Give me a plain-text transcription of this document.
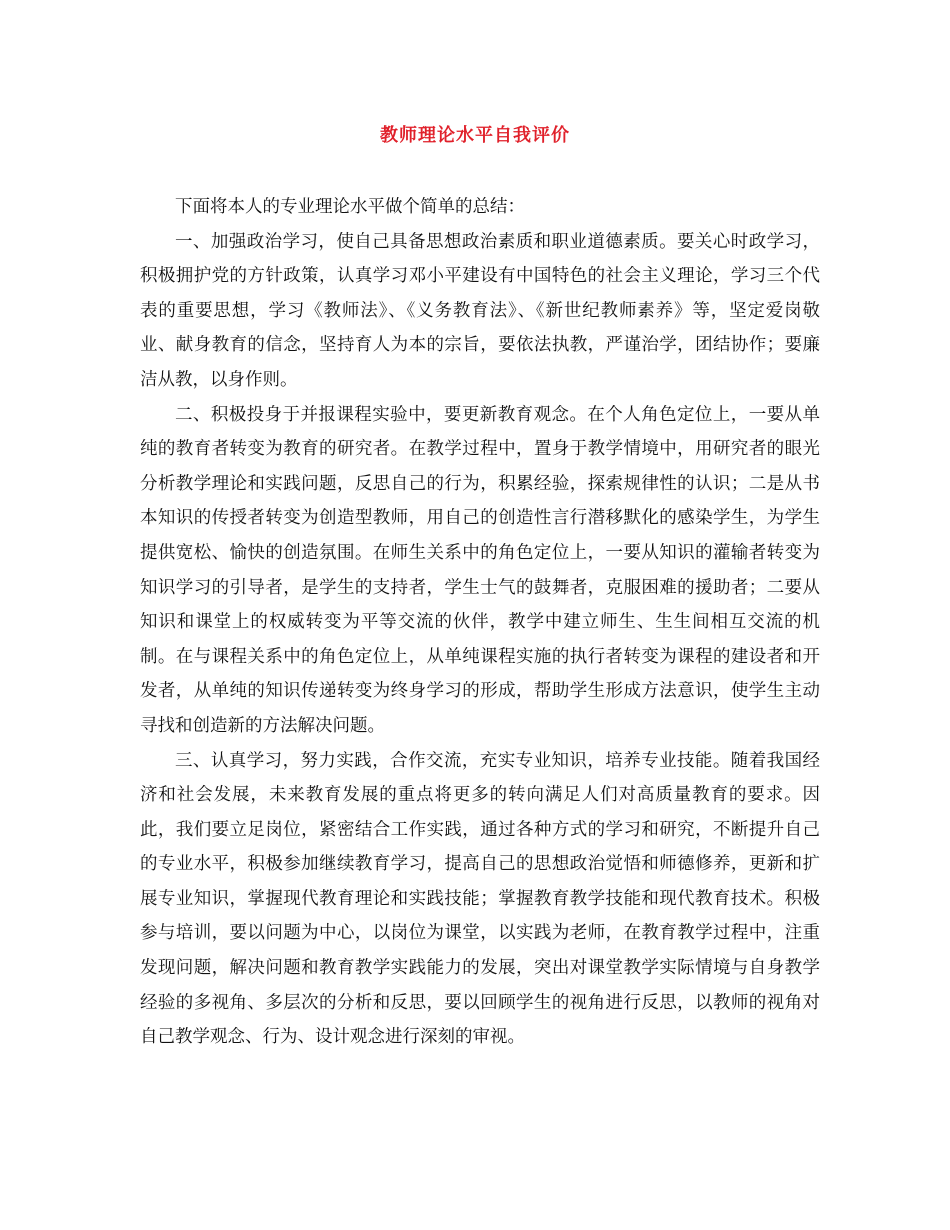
教师理论水平自我评价

下面将本人的专业理论水平做个简单的总结：

一、加强政治学习，使自己具备思想政治素质和职业道德素质。要关心时政学习，积极拥护党的方针政策，认真学习邓小平建设有中国特色的社会主义理论，学习三个代表的重要思想，学习《教师法》、《义务教育法》、《新世纪教师素养》等，坚定爱岗敬业、献身教育的信念，坚持育人为本的宗旨，要依法执教，严谨治学，团结协作；要廉洁从教，以身作则。

二、积极投身于并报课程实验中，要更新教育观念。在个人角色定位上，一要从单纯的教育者转变为教育的研究者。在教学过程中，置身于教学情境中，用研究者的眼光分析教学理论和实践问题，反思自己的行为，积累经验，探索规律性的认识；二是从书本知识的传授者转变为创造型教师，用自己的创造性言行潜移默化的感染学生，为学生提供宽松、愉快的创造氛围。在师生关系中的角色定位上，一要从知识的灌输者转变为知识学习的引导者，是学生的支持者，学生士气的鼓舞者，克服困难的援助者；二要从知识和课堂上的权威转变为平等交流的伙伴，教学中建立师生、生生间相互交流的机制。在与课程关系中的角色定位上，从单纯课程实施的执行者转变为课程的建设者和开发者，从单纯的知识传递转变为终身学习的形成，帮助学生形成方法意识，使学生主动寻找和创造新的方法解决问题。

三、认真学习，努力实践，合作交流，充实专业知识，培养专业技能。随着我国经济和社会发展，未来教育发展的重点将更多的转向满足人们对高质量教育的要求。因此，我们要立足岗位，紧密结合工作实践，通过各种方式的学习和研究，不断提升自己的专业水平，积极参加继续教育学习，提高自己的思想政治觉悟和师德修养，更新和扩展专业知识，掌握现代教育理论和实践技能；掌握教育教学技能和现代教育技术。积极参与培训，要以问题为中心，以岗位为课堂，以实践为老师，在教育教学过程中，注重发现问题，解决问题和教育教学实践能力的发展，突出对课堂教学实际情境与自身教学经验的多视角、多层次的分析和反思，要以回顾学生的视角进行反思，以教师的视角对自己教学观念、行为、设计观念进行深刻的审视。
